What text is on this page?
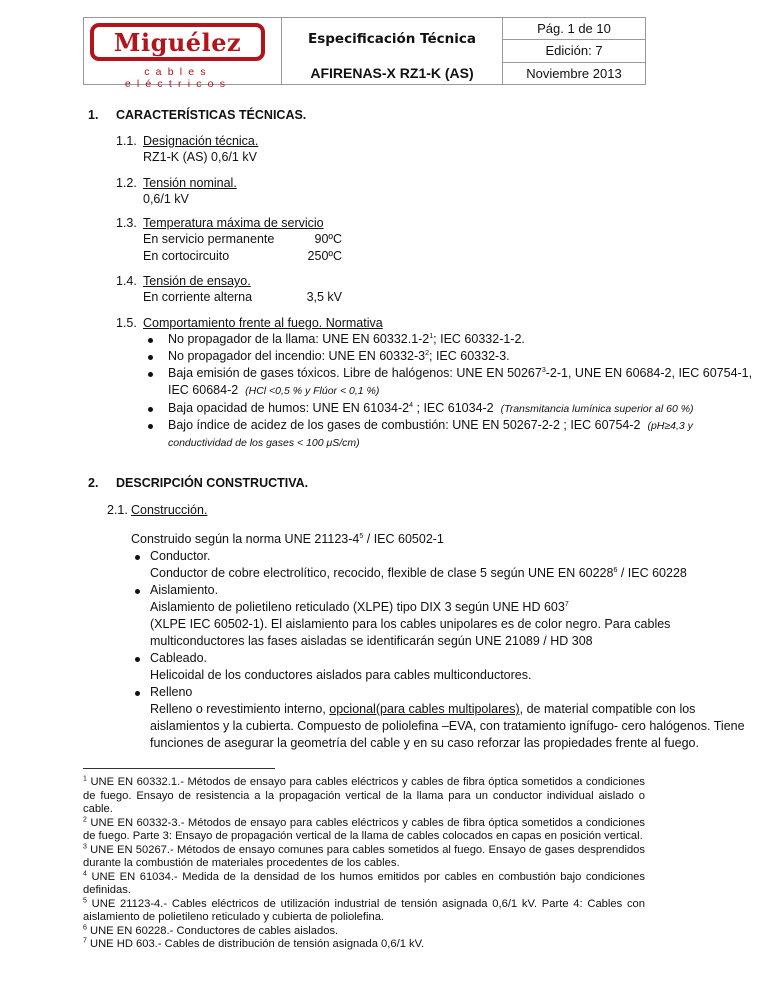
Miguélez
cables eléctricos
Especificación Técnica
AFIRENAS-X RZ1-K (AS)
Pág. 1 de 10
Edición: 7
Noviembre 2013
1. CARACTERÍSTICAS TÉCNICAS.
1.1. Designación técnica.
RZ1-K (AS) 0,6/1 kV
1.2. Tensión nominal.
0,6/1 kV
1.3. Temperatura máxima de servicio
En servicio permanente	90ºC
En cortocircuito	250ºC
1.4. Tensión de ensayo.
En corriente alterna	3,5 kV
1.5. Comportamiento frente al fuego. Normativa
No propagador de la llama: UNE EN $60332.1-2^1$; IEC 60332-1-2.
No propagador del incendio: UNE EN $60332-3^2$; IEC 60332-3.
Baja emisión de gases tóxicos. Libre de halógenos: UNE EN 50267$^3$-2-1, UNE EN 60684-2, IEC 60754-1,
IEC 60684-2 (HCl <0,5 % y Flúor < 0,1 %)
Baja opacidad de humos: UNE EN $61034-2^4$ ; IEC 61034-2 (Transmitancia lumínica superior al 60 %)
Bajo índice de acidez de los gases de combustión: UNE EN 50267-2-2 ; IEC 60754-2 (pH≥4,3 y
conductividad de los gases < 100 μS/cm)
2. DESCRIPCIÓN CONSTRUCTIVA.
2.1. Construcción.
Construido según la norma UNE $21123-4^5$ / IEC 60502-1
Conductor.
Conductor de cobre electrolítico, recocido, flexible de clase 5 según UNE EN 60228$^6$ / IEC 60228
Aislamiento.
Aislamiento de polietileno reticulado (XLPE) tipo DIX 3 según UNE HD $603^7$
(XLPE IEC 60502-1). El aislamiento para los cables unipolares es de color negro. Para cables
multiconductores las fases aisladas se identificarán según UNE 21089 / HD 308
Cableado.
Helicoidal de los conductores aislados para cables multiconductores.
Relleno
Relleno o revestimiento interno, opcional(para cables multipolares), de material compatible con los
aislamientos y la cubierta. Compuesto de poliolefina –EVA, con tratamiento ignífugo- cero halógenos. Tiene
funciones de asegurar la geometría del cable y en su caso reforzar las propiedades frente al fuego.
$^1$ UNE EN 60332.1.- Métodos de ensayo para cables eléctricos y cables de fibra óptica sometidos a condiciones de fuego. Ensayo de resistencia a la propagación vertical de la llama para un conductor individual aislado o cable.
$^2$ UNE EN 60332-3.- Métodos de ensayo para cables eléctricos y cables de fibra óptica sometidos a condiciones de fuego. Parte 3: Ensayo de propagación vertical de la llama de cables colocados en capas en posición vertical.
$^3$ UNE EN 50267.- Métodos de ensayo comunes para cables sometidos al fuego. Ensayo de gases desprendidos durante la combustión de materiales procedentes de los cables.
$^4$ UNE EN 61034.- Medida de la densidad de los humos emitidos por cables en combustión bajo condiciones definidas.
$^5$ UNE 21123-4.- Cables eléctricos de utilización industrial de tensión asignada 0,6/1 kV. Parte 4: Cables con aislamiento de polietileno reticulado y cubierta de poliolefina.
$^6$ UNE EN 60228.- Conductores de cables aislados.
$^7$ UNE HD 603.- Cables de distribución de tensión asignada 0,6/1 kV.
